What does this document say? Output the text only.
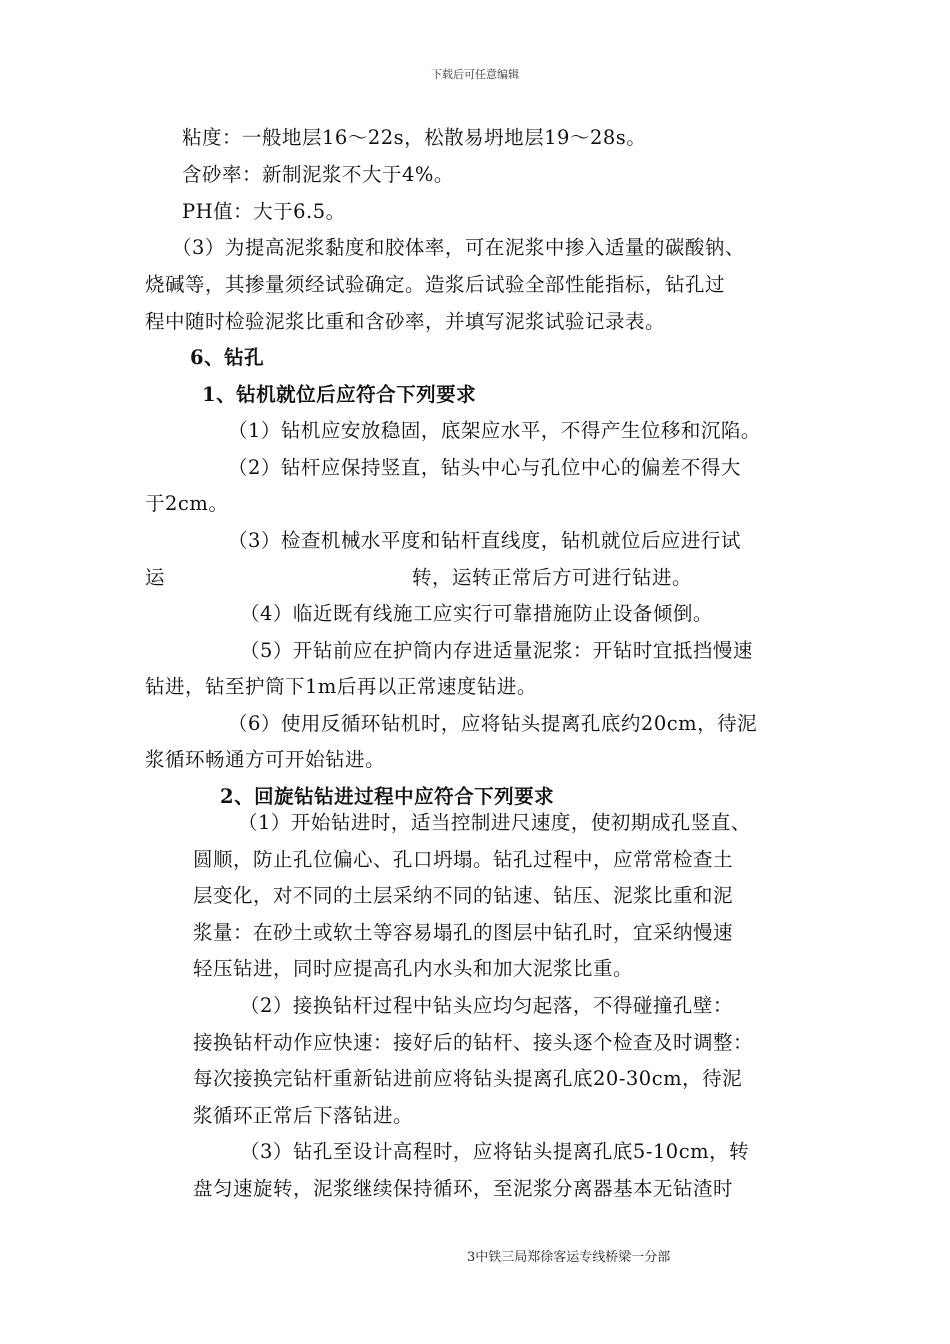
下载后可任意编辑
粘度：一般地层16～22s，松散易坍地层19～28s。
含砂率：新制泥浆不大于4%。
PH值：大于6.5。
（3）为提高泥浆黏度和胶体率，可在泥浆中掺入适量的碳酸钠、
烧碱等，其掺量须经试验确定。造浆后试验全部性能指标，钻孔过
程中随时检验泥浆比重和含砂率，并填写泥浆试验记录表。
6、钻孔
1、钻机就位后应符合下列要求
（1）钻机应安放稳固，底架应水平，不得产生位移和沉陷。
（2）钻杆应保持竖直，钻头中心与孔位中心的偏差不得大
于2cm。
（3）检查机械水平度和钻杆直线度，钻机就位后应进行试
运	转，运转正常后方可进行钻进。
（4）临近既有线施工应实行可靠措施防止设备倾倒。
（5）开钻前应在护筒内存进适量泥浆：开钻时宜抵挡慢速
钻进，钻至护筒下1m后再以正常速度钻进。
（6）使用反循环钻机时，应将钻头提离孔底约20cm，待泥
浆循环畅通方可开始钻进。
2、回旋钻钻进过程中应符合下列要求
（1）开始钻进时，适当控制进尺速度，使初期成孔竖直、
圆顺，防止孔位偏心、孔口坍塌。钻孔过程中，应常常检查土
层变化，对不同的土层采纳不同的钻速、钻压、泥浆比重和泥
浆量：在砂土或软土等容易塌孔的图层中钻孔时，宜采纳慢速
轻压钻进，同时应提高孔内水头和加大泥浆比重。
（2）接换钻杆过程中钻头应均匀起落，不得碰撞孔壁：
接换钻杆动作应快速：接好后的钻杆、接头逐个检查及时调整：
每次接换完钻杆重新钻进前应将钻头提离孔底20-30cm，待泥
浆循环正常后下落钻进。
（3）钻孔至设计高程时，应将钻头提离孔底5-10cm，转
盘匀速旋转，泥浆继续保持循环，至泥浆分离器基本无钻渣时
3中铁三局郑徐客运专线桥梁一分部
